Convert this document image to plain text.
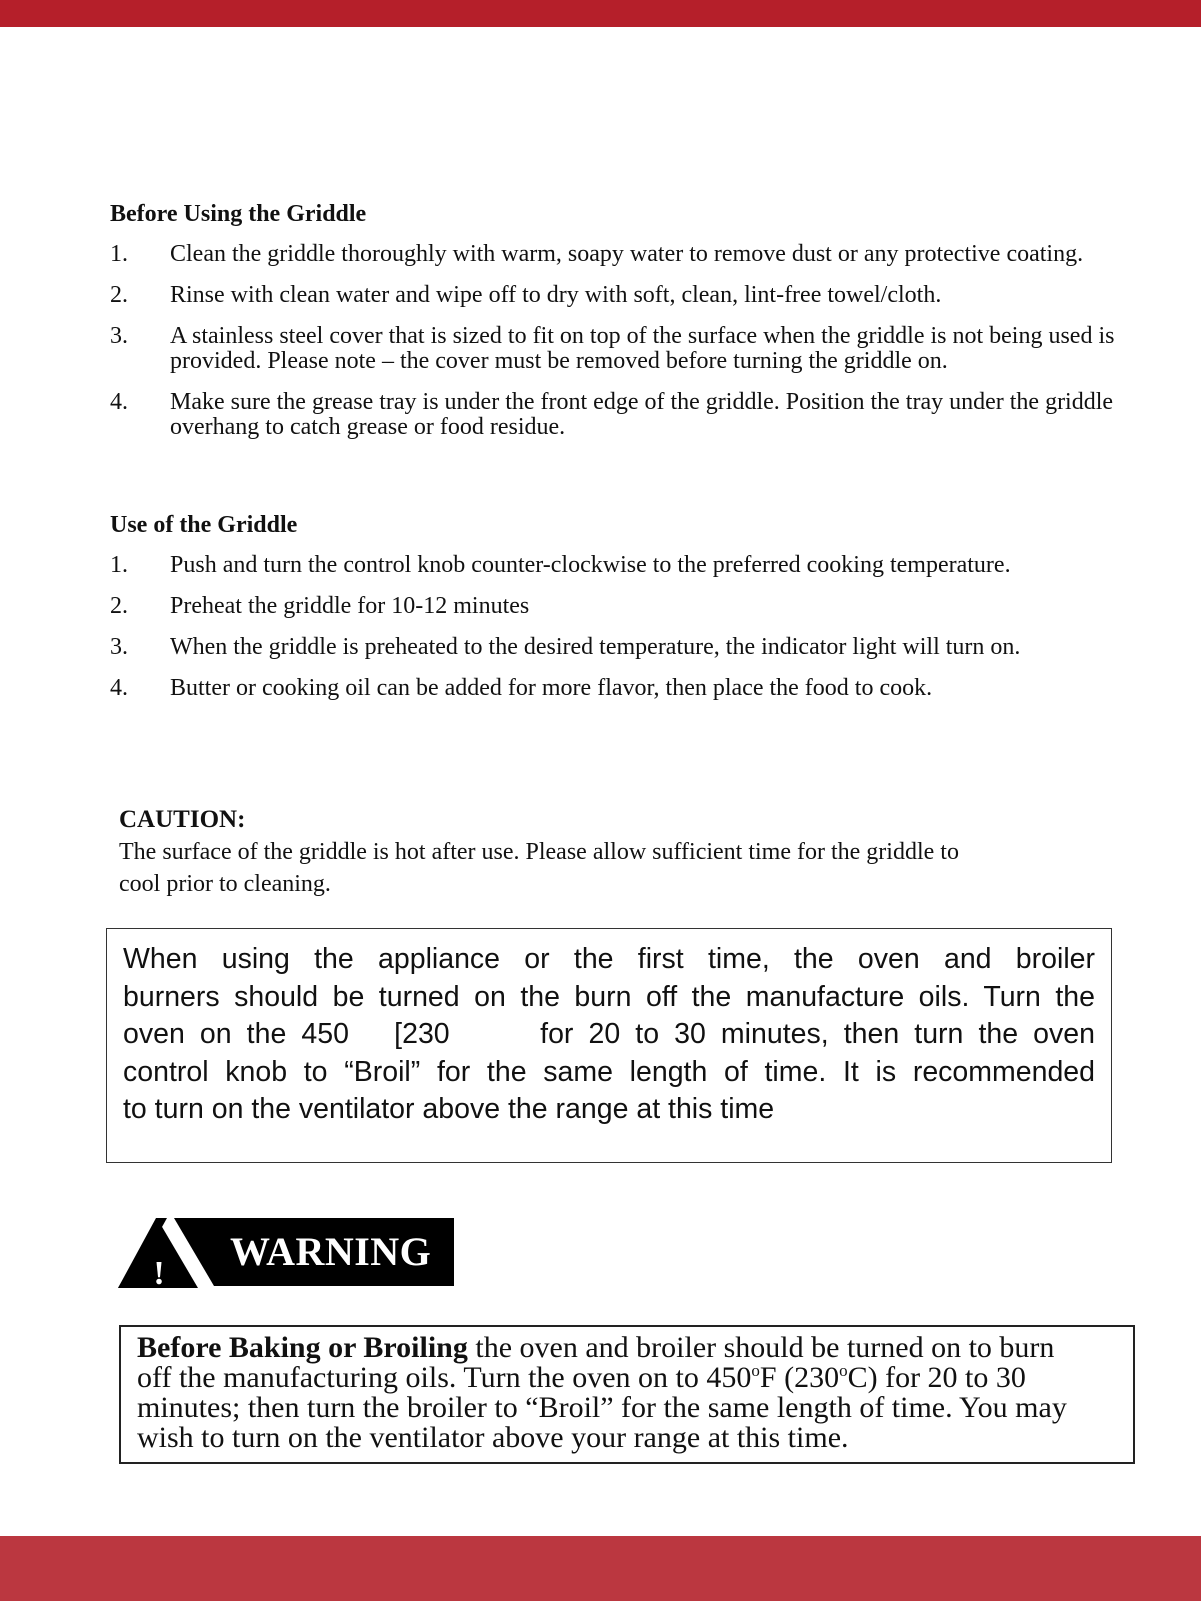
Before Using the Griddle
1. Clean the griddle thoroughly with warm, soapy water to remove dust or any protective coating.
2. Rinse with clean water and wipe off to dry with soft, clean, lint-free towel/cloth.
3. A stainless steel cover that is sized to fit on top of the surface when the griddle is not being used is provided. Please note – the cover must be removed before turning the griddle on.
4. Make sure the grease tray is under the front edge of the griddle. Position the tray under the griddle overhang to catch grease or food residue.
Use of the Griddle
1. Push and turn the control knob counter-clockwise to the preferred cooking temperature.
2. Preheat the griddle for 10-12 minutes
3. When the griddle is preheated to the desired temperature, the indicator light will turn on.
4. Butter or cooking oil can be added for more flavor, then place the food to cook.

CAUTION:

The surface of the griddle is hot after use. Please allow sufficient time for the griddle to
cool prior to cleaning.

When using the appliance or the first time, the oven and broiler
burners should be turned on the burn off the manufacture oils. Turn the
oven on the 450   [230      for 20 to 30 minutes, then turn the oven
control knob to “Broil” for the same length of time. It is recommended
to turn on the ventilator above the range at this time
! WARNING
Before Baking or Broiling the oven and broiler should be turned on to burn
off the manufacturing oils. Turn the oven on to 450$^o$F (230$^o$C) for 20 to 30
minutes; then turn the broiler to “Broil” for the same length of time. You may
wish to turn on the ventilator above your range at this time.
